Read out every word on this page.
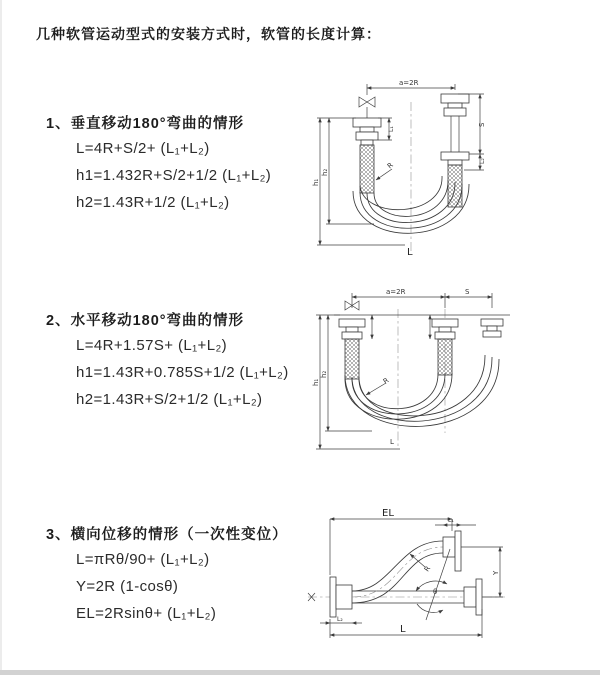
几种软管运动型式的安装方式时，软管的长度计算：
1、垂直移动180°弯曲的情形
L=4R+S/2+ (L₁+L₂)
h1=1.432R+S/2+1/2 (L₁+L₂)
h2=1.43R+1/2 (L₁+L₂)
2、水平移动180°弯曲的情形
L=4R+1.57S+ (L₁+L₂)
h1=1.43R+0.785S+1/2 (L₁+L₂)
h2=1.43R+S/2+1/2 (L₁+L₂)
3、横向位移的情形（一次性变位）
L=πRθ/90+ (L₁+L₂)
Y=2R (1-cosθ)
EL=2Rsinθ+ (L₁+L₂)
a=2R
h₁
h₂
L₁
S
L₂
R
L
a=2R	S
h₁
h₂
R
L
EL
L₁
R
θ
Y
L₂
L
